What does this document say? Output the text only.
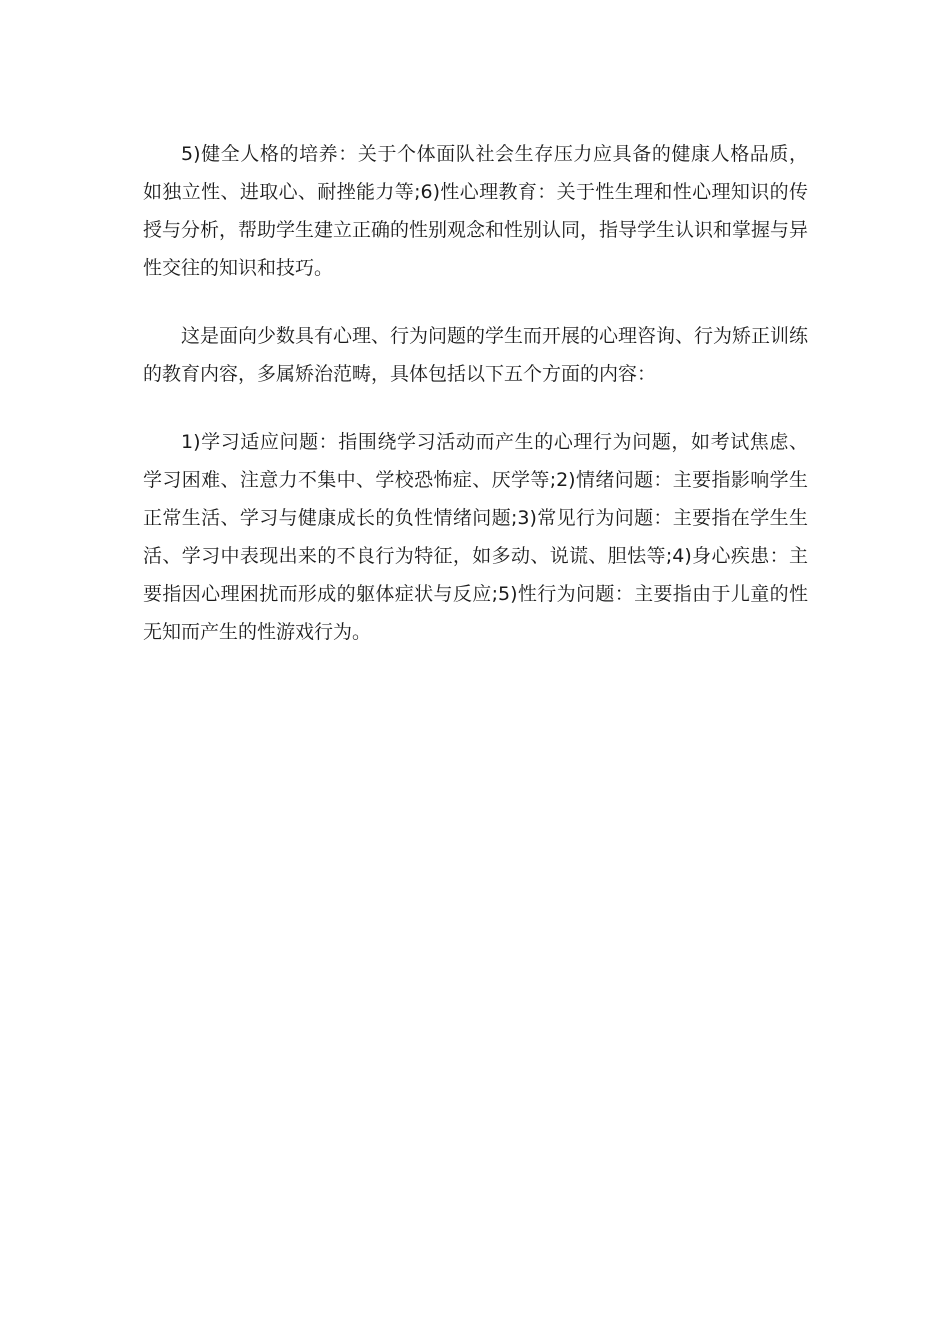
5)健全人格的培养：关于个体面队社会生存压力应具备的健康人格品质，如独立性、进取心、耐挫能力等;6)性心理教育：关于性生理和性心理知识的传授与分析，帮助学生建立正确的性别观念和性别认同，指导学生认识和掌握与异性交往的知识和技巧。

这是面向少数具有心理、行为问题的学生而开展的心理咨询、行为矫正训练的教育内容，多属矫治范畴，具体包括以下五个方面的内容：

1)学习适应问题：指围绕学习活动而产生的心理行为问题，如考试焦虑、学习困难、注意力不集中、学校恐怖症、厌学等;2)情绪问题：主要指影响学生正常生活、学习与健康成长的负性情绪问题;3)常见行为问题：主要指在学生生活、学习中表现出来的不良行为特征，如多动、说谎、胆怯等;4)身心疾患：主要指因心理困扰而形成的躯体症状与反应;5)性行为问题：主要指由于儿童的性无知而产生的性游戏行为。
